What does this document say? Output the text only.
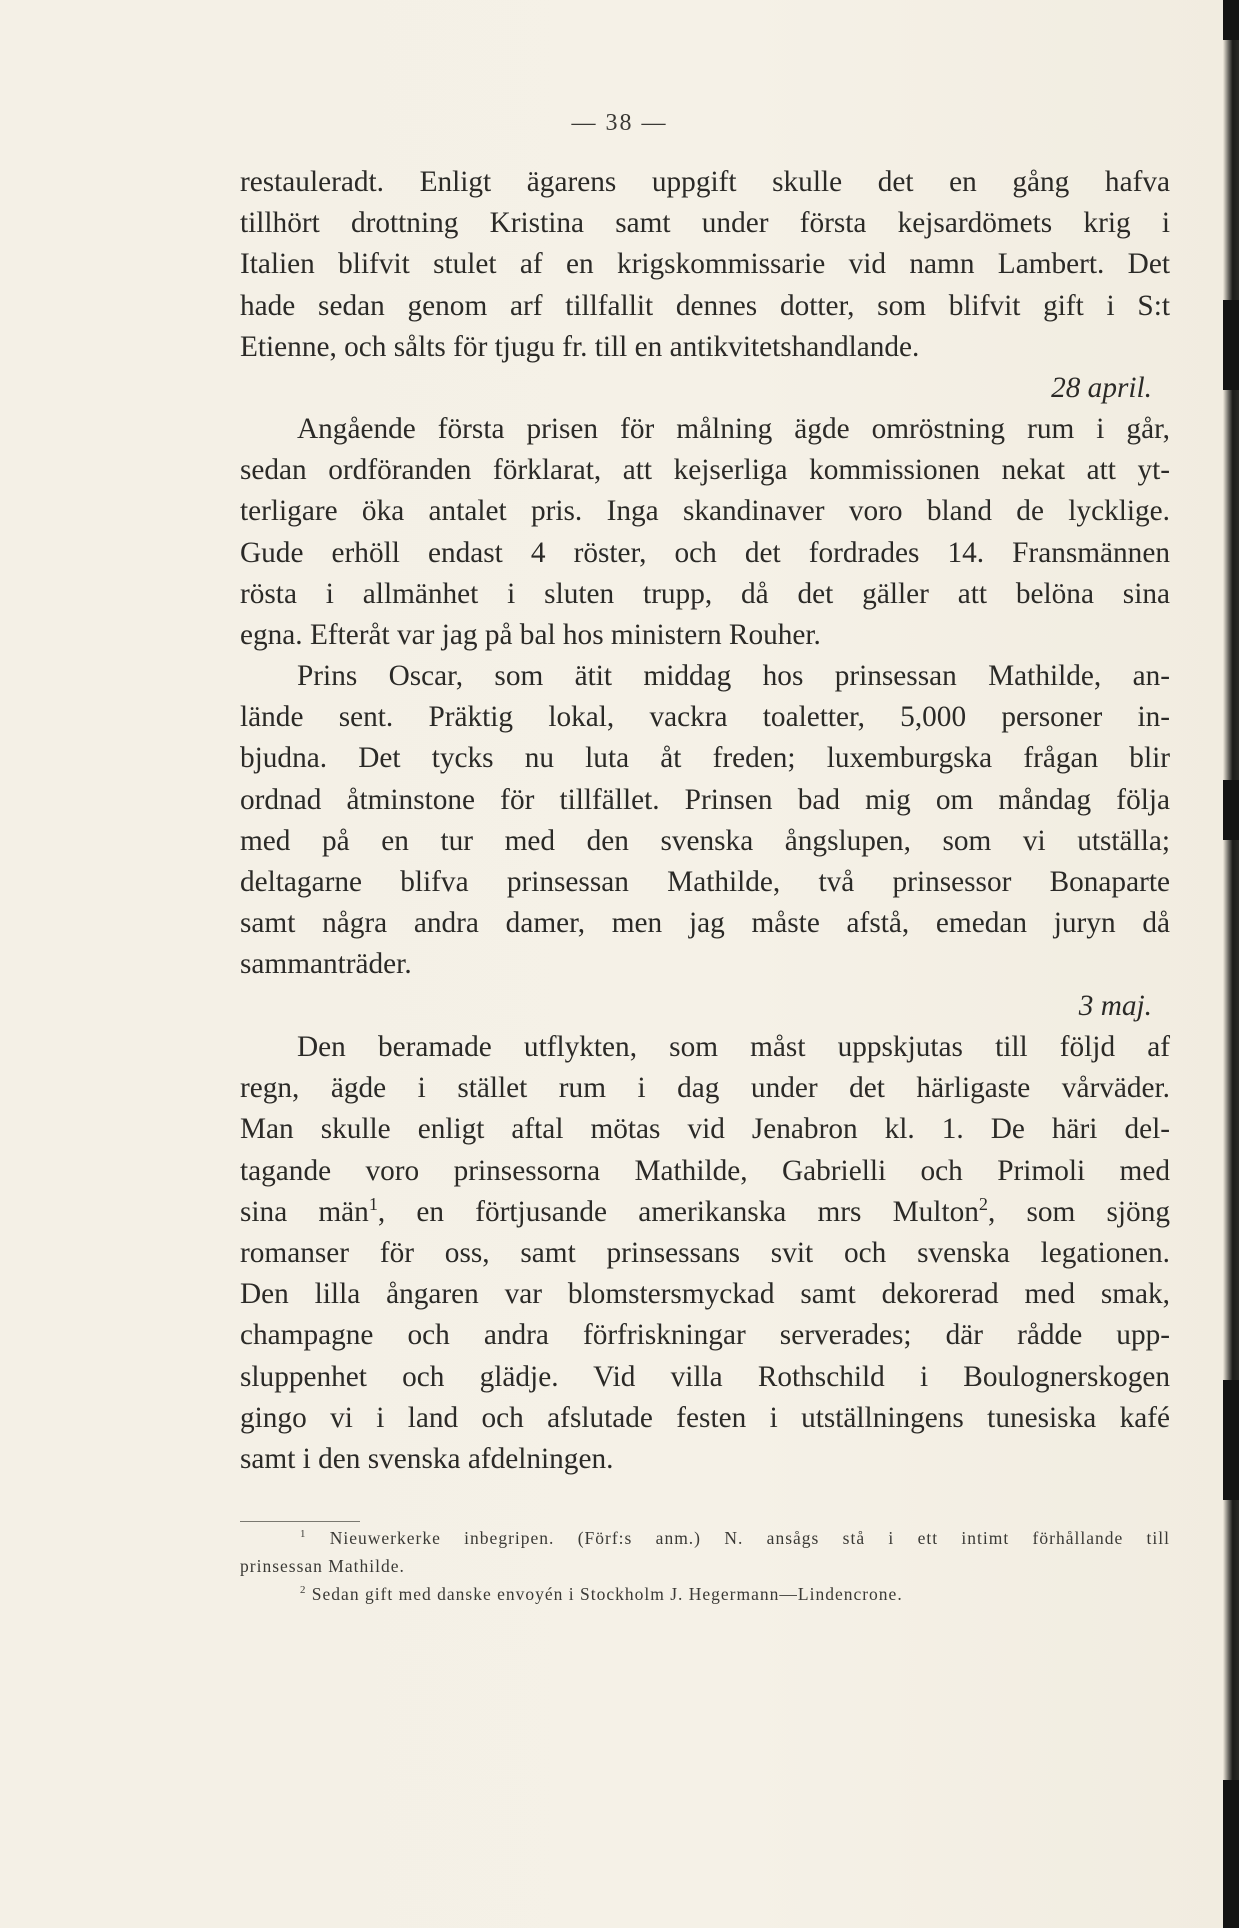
— 38 —
restauleradt. Enligt ägarens uppgift skulle det en gång hafva
tillhört drottning Kristina samt under första kejsardömets krig i
Italien blifvit stulet af en krigskommissarie vid namn Lambert. Det
hade sedan genom arf tillfallit dennes dotter, som blifvit gift i S:t
Etienne, och sålts för tjugu fr. till en antikvitetshandlande.
28 april.
Angående första prisen för målning ägde omröstning rum i går,
sedan ordföranden förklarat, att kejserliga kommissionen nekat att yt-
terligare öka antalet pris. Inga skandinaver voro bland de lycklige.
Gude erhöll endast 4 röster, och det fordrades 14. Fransmännen
rösta i allmänhet i sluten trupp, då det gäller att belöna sina
egna. Efteråt var jag på bal hos ministern Rouher.
Prins Oscar, som ätit middag hos prinsessan Mathilde, an-
lände sent. Präktig lokal, vackra toaletter, 5,000 personer in-
bjudna. Det tycks nu luta åt freden; luxemburgska frågan blir
ordnad åtminstone för tillfället. Prinsen bad mig om måndag följa
med på en tur med den svenska ångslupen, som vi utställa;
deltagarne blifva prinsessan Mathilde, två prinsessor Bonaparte
samt några andra damer, men jag måste afstå, emedan juryn då
sammanträder.
3 maj.
Den beramade utflykten, som måst uppskjutas till följd af
regn, ägde i stället rum i dag under det härligaste vårväder.
Man skulle enligt aftal mötas vid Jenabron kl. 1. De häri del-
tagande voro prinsessorna Mathilde, Gabrielli och Primoli med
sina män$^1$, en förtjusande amerikanska mrs Multon$^2$, som sjöng
romanser för oss, samt prinsessans svit och svenska legationen.
Den lilla ångaren var blomstersmyckad samt dekorerad med smak,
champagne och andra förfriskningar serverades; där rådde upp-
sluppenhet och glädje. Vid villa Rothschild i Boulognerskogen
gingo vi i land och afslutade festen i utställningens tunesiska kafé
samt i den svenska afdelningen.
$^1$ Nieuwerkerke inbegripen. (Förf:s anm.) N. ansågs stå i ett intimt förhållande till
prinsessan Mathilde.
$^2$ Sedan gift med danske envoyén i Stockholm J. Hegermann—Lindencrone.
